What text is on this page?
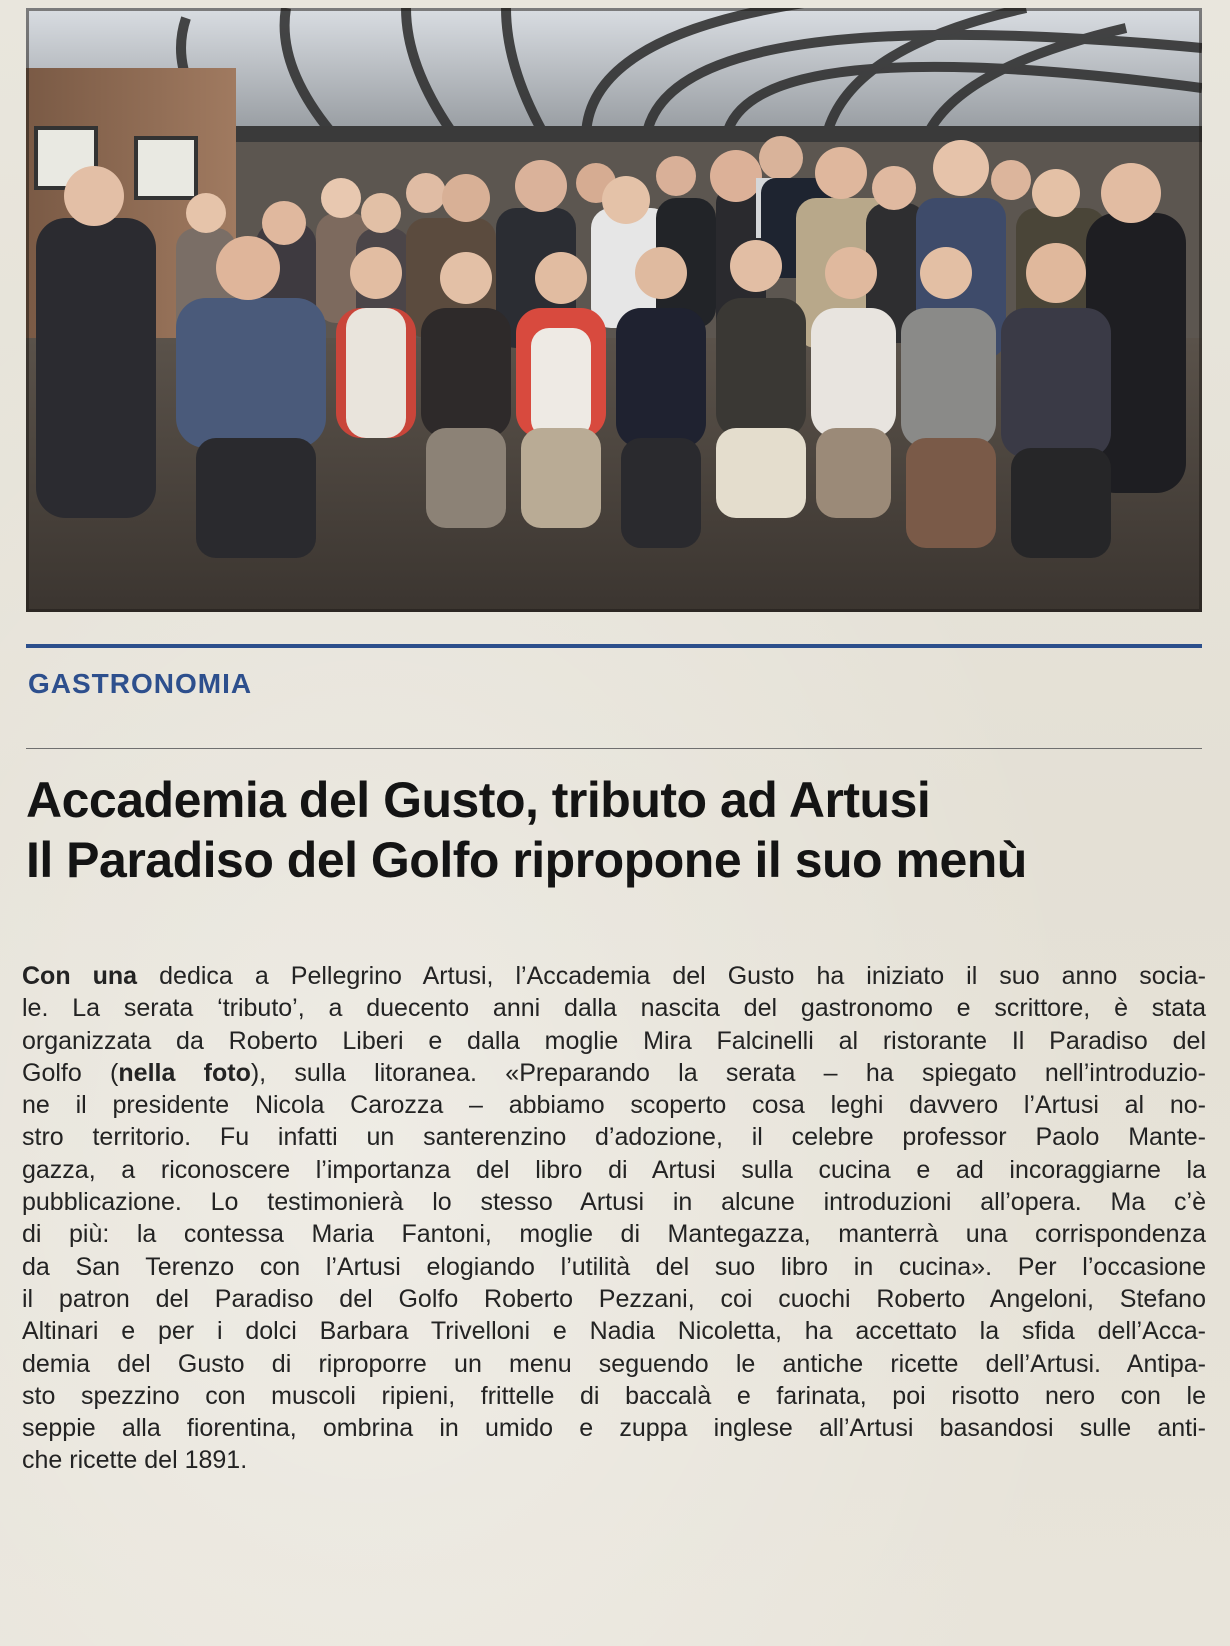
GASTRONOMIA
Accademia del Gusto, tributo ad Artusi
Il Paradiso del Golfo ripropone il suo menù
Con una dedica a Pellegrino Artusi, l’Accademia del Gusto ha iniziato il suo anno socia-
le. La serata ‘tributo’, a duecento anni dalla nascita del gastronomo e scrittore, è stata
organizzata da Roberto Liberi e dalla moglie Mira Falcinelli al ristorante Il Paradiso del
Golfo (nella foto), sulla litoranea. «Preparando la serata – ha spiegato nell’introduzio-
ne il presidente Nicola Carozza – abbiamo scoperto cosa leghi davvero l’Artusi al no-
stro territorio. Fu infatti un santerenzino d’adozione, il celebre professor Paolo Mante-
gazza, a riconoscere l’importanza del libro di Artusi sulla cucina e ad incoraggiarne la
pubblicazione. Lo testimonierà lo stesso Artusi in alcune introduzioni all’opera. Ma c’è
di più: la contessa Maria Fantoni, moglie di Mantegazza, manterrà una corrispondenza
da San Terenzo con l’Artusi elogiando l’utilità del suo libro in cucina». Per l’occasione
il patron del Paradiso del Golfo Roberto Pezzani, coi cuochi Roberto Angeloni, Stefano
Altinari e per i dolci Barbara Trivelloni e Nadia Nicoletta, ha accettato la sfida dell’Acca-
demia del Gusto di riproporre un menu seguendo le antiche ricette dell’Artusi. Antipa-
sto spezzino con muscoli ripieni, frittelle di baccalà e farinata, poi risotto nero con le
seppie alla fiorentina, ombrina in umido e zuppa inglese all’Artusi basandosi sulle anti-
che ricette del 1891.
